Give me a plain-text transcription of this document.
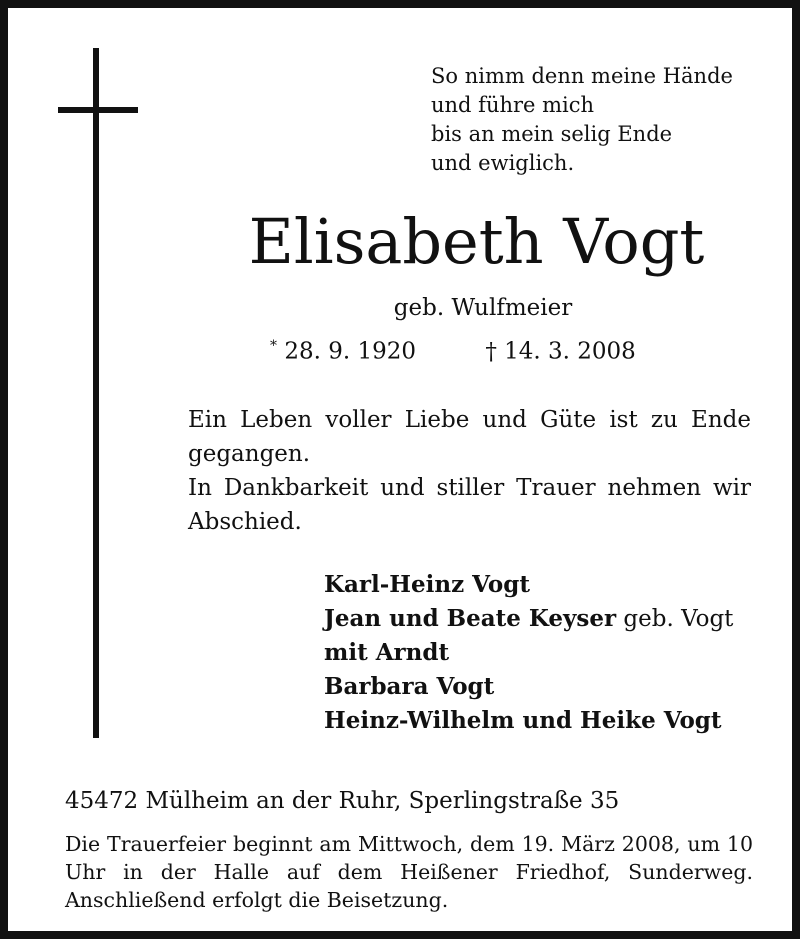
So nimm denn meine Hände
und führe mich
bis an mein selig Ende
und ewiglich.
Elisabeth Vogt
geb. Wulfmeier
* 28. 9. 1920	† 14. 3. 2008

Ein Leben voller Liebe und Güte ist zu Ende gegangen.

In Dankbarkeit und stiller Trauer nehmen wir Abschied.

Karl-Heinz Vogt
Jean und Beate Keyser geb. Vogt
mit Arndt
Barbara Vogt
Heinz-Wilhelm und Heike Vogt
45472 Mülheim an der Ruhr, Sperlingstraße 35
Die Trauerfeier beginnt am Mittwoch, dem 19. März 2008, um 10 Uhr in der Halle auf dem Heißener Friedhof, Sunderweg. Anschließend erfolgt die Beisetzung.
